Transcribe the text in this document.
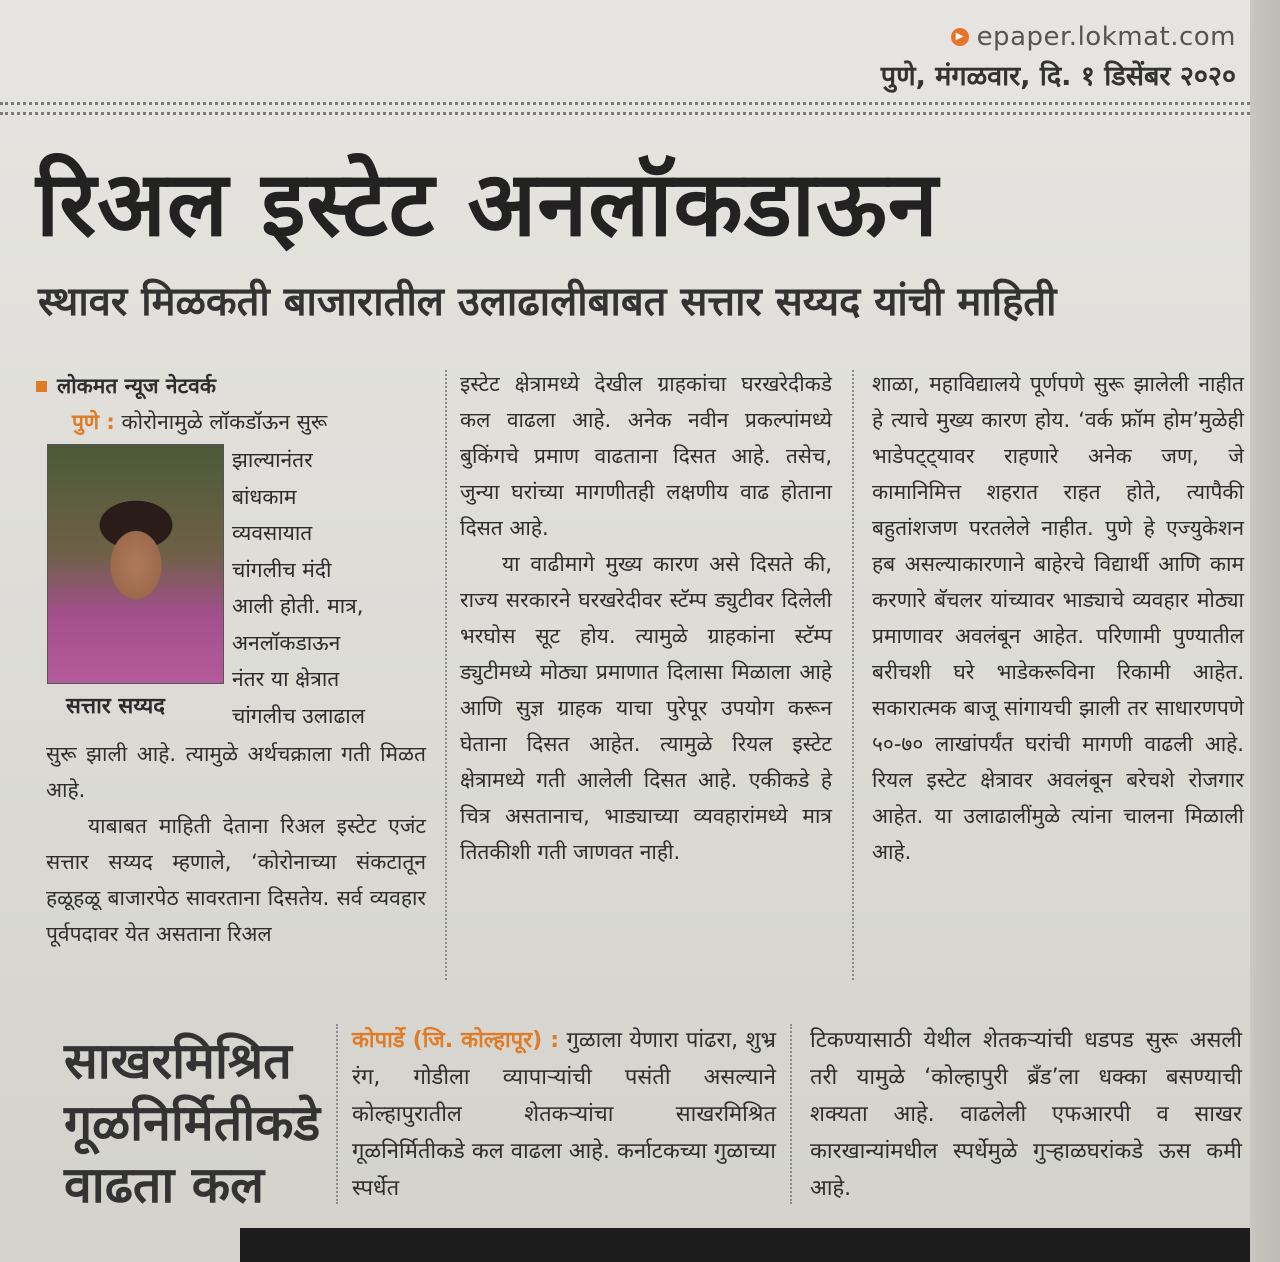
▶ epaper.lokmat.com
पुणे, मंगळवार, दि. १ डिसेंबर २०२०
रिअल इस्टेट अनलॉकडाऊन
स्थावर मिळकती बाजारातील उलाढालीबाबत सत्तार सय्यद यांची माहिती

लोकमत न्यूज नेटवर्क

पुणे : कोरोनामुळे लॉकडॉऊन सुरू

सत्तार सय्यद

झाल्यानंतर

बांधकाम

व्यवसायात

चांगलीच मंदी

आली होती. मात्र,

अनलॉकडाऊन

नंतर या क्षेत्रात

चांगलीच उलाढाल

सुरू झाली आहे. त्यामुळे अर्थचक्राला गती मिळत आहे.

याबाबत माहिती देताना रिअल इस्टेट एजंट सत्तार सय्यद म्हणाले, ‘कोरोनाच्या संकटातून हळूहळू बाजारपेठ सावरताना दिसतेय. सर्व व्यवहार पूर्वपदावर येत असताना रिअल

इस्टेट क्षेत्रामध्ये देखील ग्राहकांचा घरखरेदीकडे कल वाढला आहे. अनेक नवीन प्रकल्पांमध्ये बुकिंगचे प्रमाण वाढताना दिसत आहे. तसेच, जुन्या घरांच्या मागणीतही लक्षणीय वाढ होताना दिसत आहे.

या वाढीमागे मुख्य कारण असे दिसते की, राज्य सरकारने घरखरेदीवर स्टॅम्प ड्युटीवर दिलेली भरघोस सूट होय. त्यामुळे ग्राहकांना स्टॅम्प ड्युटीमध्ये मोठ्या प्रमाणात दिलासा मिळाला आहे आणि सुज्ञ ग्राहक याचा पुरेपूर उपयोग करून घेताना दिसत आहेत. त्यामुळे रियल इस्टेट क्षेत्रामध्ये गती आलेली दिसत आहे. एकीकडे हे चित्र असतानाच, भाड्याच्या व्यवहारांमध्ये मात्र तितकीशी गती जाणवत नाही.

शाळा, महाविद्यालये पूर्णपणे सुरू झालेली नाहीत हे त्याचे मुख्य कारण होय. ‘वर्क फ्रॉम होम’मुळेही भाडेपट्ट्यावर राहणारे अनेक जण, जे कामानिमित्त शहरात राहत होते, त्यापैकी बहुतांशजण परतलेले नाहीत. पुणे हे एज्युकेशन हब असल्याकारणाने बाहेरचे विद्यार्थी आणि काम करणारे बॅचलर यांच्यावर भाड्याचे व्यवहार मोठ्या प्रमाणावर अवलंबून आहेत. परिणामी पुण्यातील बरीचशी घरे भाडेकरूविना रिकामी आहेत. सकारात्मक बाजू सांगायची झाली तर साधारणपणे ५०-७० लाखांपर्यंत घरांची मागणी वाढली आहे. रियल इस्टेट क्षेत्रावर अवलंबून बरेचशे रोजगार आहेत. या उलाढालींमुळे त्यांना चालना मिळाली आहे.

साखरमिश्रित
गूळनिर्मितीकडे
वाढता कल

कोपार्डे (जि. कोल्हापूर) : गुळाला येणारा पांढरा, शुभ्र रंग, गोडीला व्यापाऱ्यांची पसंती असल्याने कोल्हापुरातील शेतकऱ्यांचा साखरमिश्रित गूळनिर्मितीकडे कल वाढला आहे. कर्नाटकच्या गुळाच्या स्पर्धेत

टिकण्यासाठी येथील शेतकऱ्यांची धडपड सुरू असली तरी यामुळे ‘कोल्हापुरी ब्रँड’ला धक्का बसण्याची शक्यता आहे. वाढलेली एफआरपी व साखर कारखान्यांमधील स्पर्धेमुळे गुऱ्हाळघरांकडे ऊस कमी आहे.
